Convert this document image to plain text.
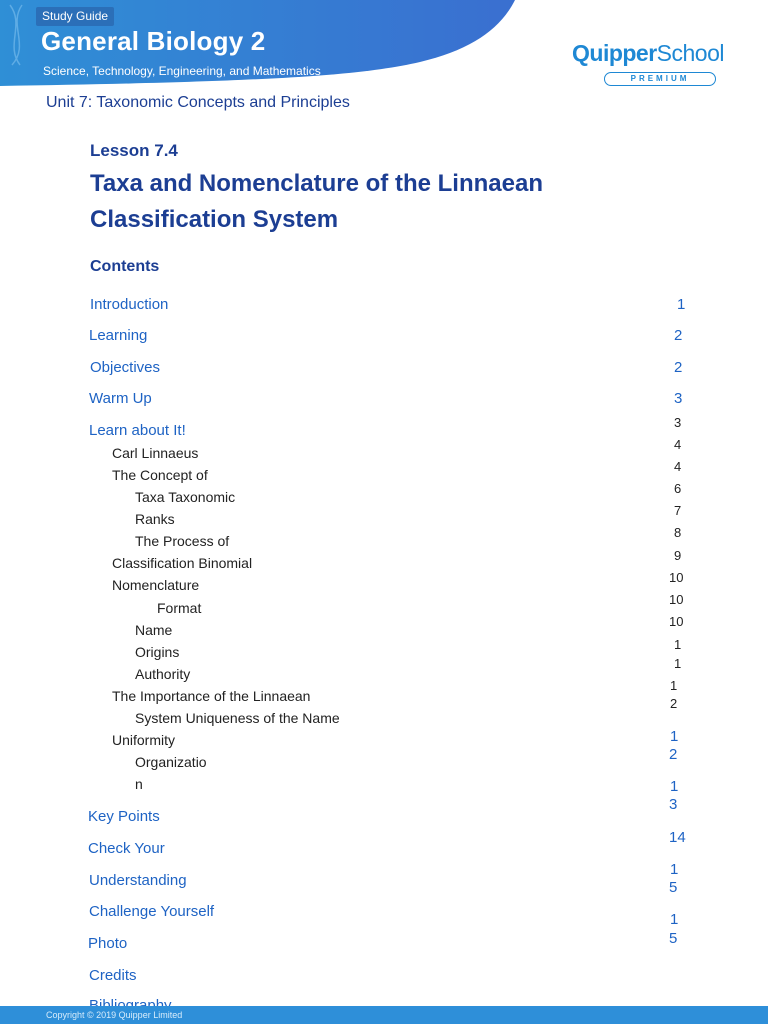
Study Guide
General Biology 2
Science, Technology, Engineering, and Mathematics
QuipperSchool
PREMIUM
Unit 7: Taxonomic Concepts and Principles
Lesson 7.4
Taxa and Nomenclature of the Linnaean
Classification System
Contents
Introduction
Learning
Objectives
Warm Up
Learn about It!
Carl Linnaeus
The Concept of
Taxa Taxonomic
Ranks
The Process of
Classification Binomial
Nomenclature
Format
Name
Origins
Authority
The Importance of the Linnaean
System Uniqueness of the Name
Uniformity
Organizatio
n
Key Points
Check Your
Understanding
Challenge Yourself
Photo
Credits
1
2
2
3
3
4
4
6
7
8
9
10
10
10
1
1
1
2
1
2
1
3
14
1
5
1
5
Copyright © 2019 Quipper Limited
